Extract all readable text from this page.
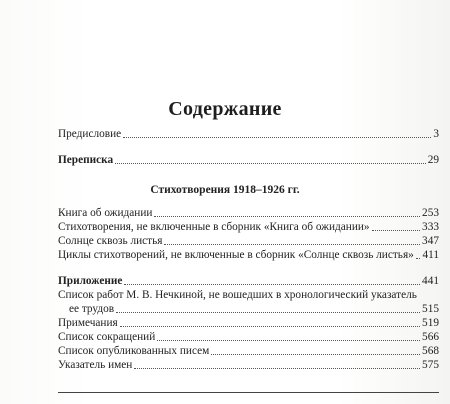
Содержание
Предисловие	3
Переписка	29
Стихотворения 1918–1926 гг.
Книга об ожидании	253
Стихотворения, не включенные в сборник «Книга об ожидании»	333
Солнце сквозь листья	347
Циклы стихотворений, не включенные в сборник «Солнце сквозь листья» 411
Приложение	441
Список работ М. В. Нечкиной, не вошедших в хронологический указатель
ее трудов	515
Примечания	519
Список сокращений	566
Список опубликованных писем	568
Указатель имен	575
